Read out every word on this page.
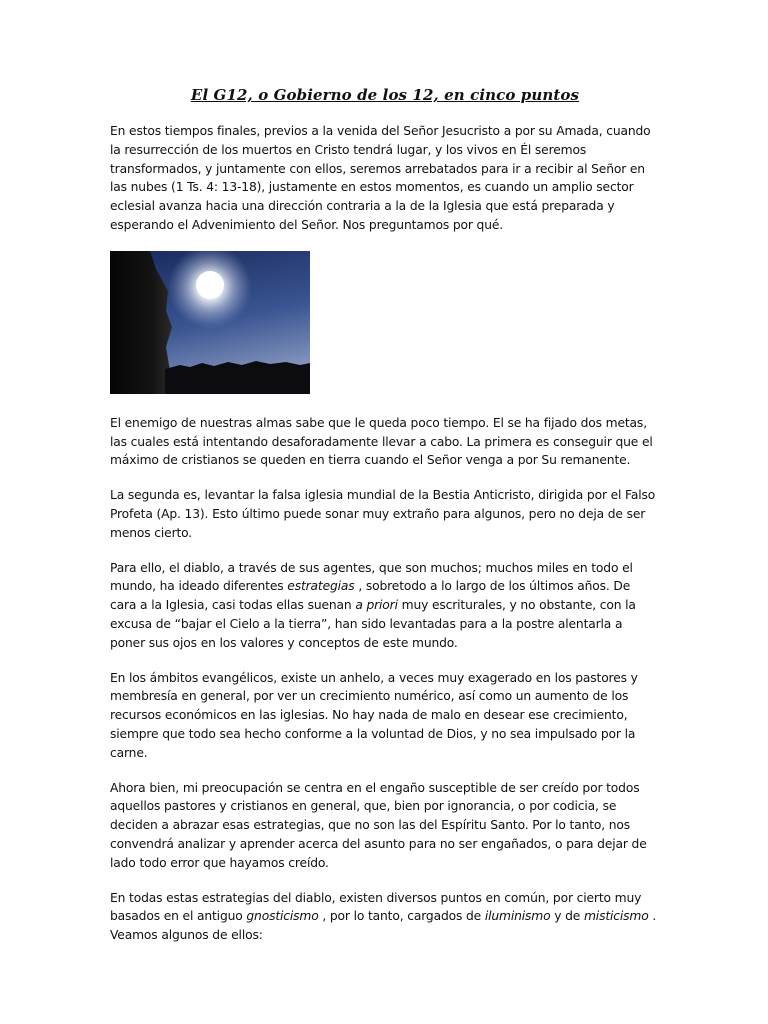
El G12, o Gobierno de los 12, en cinco puntos

En estos tiempos finales, previos a la venida del Señor Jesucristo a por su Amada, cuando la resurrección de los muertos en Cristo tendrá lugar, y los vivos en Él seremos transformados, y juntamente con ellos, seremos arrebatados para ir a recibir al Señor en las nubes (1 Ts. 4: 13-18), justamente en estos momentos, es cuando un amplio sector eclesial avanza hacia una dirección contraria a la de la Iglesia que está preparada y esperando el Advenimiento del Señor. Nos preguntamos por qué.

El enemigo de nuestras almas sabe que le queda poco tiempo. El se ha fijado dos metas, las cuales está intentando desaforadamente llevar a cabo. La primera es conseguir que el máximo de cristianos se queden en tierra cuando el Señor venga a por Su remanente.

La segunda es, levantar la falsa iglesia mundial de la Bestia Anticristo, dirigida por el Falso Profeta (Ap. 13). Esto último puede sonar muy extraño para algunos, pero no deja de ser menos cierto.

Para ello, el diablo, a través de sus agentes, que son muchos; muchos miles en todo el mundo, ha ideado diferentes estrategias , sobretodo a lo largo de los últimos años. De cara a la Iglesia, casi todas ellas suenan a priori muy escriturales, y no obstante, con la excusa de “bajar el Cielo a la tierra”, han sido levantadas para a la postre alentarla a poner sus ojos en los valores y conceptos de este mundo.

En los ámbitos evangélicos, existe un anhelo, a veces muy exagerado en los pastores y membresía en general, por ver un crecimiento numérico, así como un aumento de los recursos económicos en las iglesias. No hay nada de malo en desear ese crecimiento, siempre que todo sea hecho conforme a la voluntad de Dios, y no sea impulsado por la carne.

Ahora bien, mi preocupación se centra en el engaño susceptible de ser creído por todos aquellos pastores y cristianos en general, que, bien por ignorancia, o por codicia, se deciden a abrazar esas estrategias, que no son las del Espíritu Santo. Por lo tanto, nos convendrá analizar y aprender acerca del asunto para no ser engañados, o para dejar de lado todo error que hayamos creído.

En todas estas estrategias del diablo, existen diversos puntos en común, por cierto muy basados en el antiguo gnosticismo , por lo tanto, cargados de iluminismo y de misticismo . Veamos algunos de ellos:
